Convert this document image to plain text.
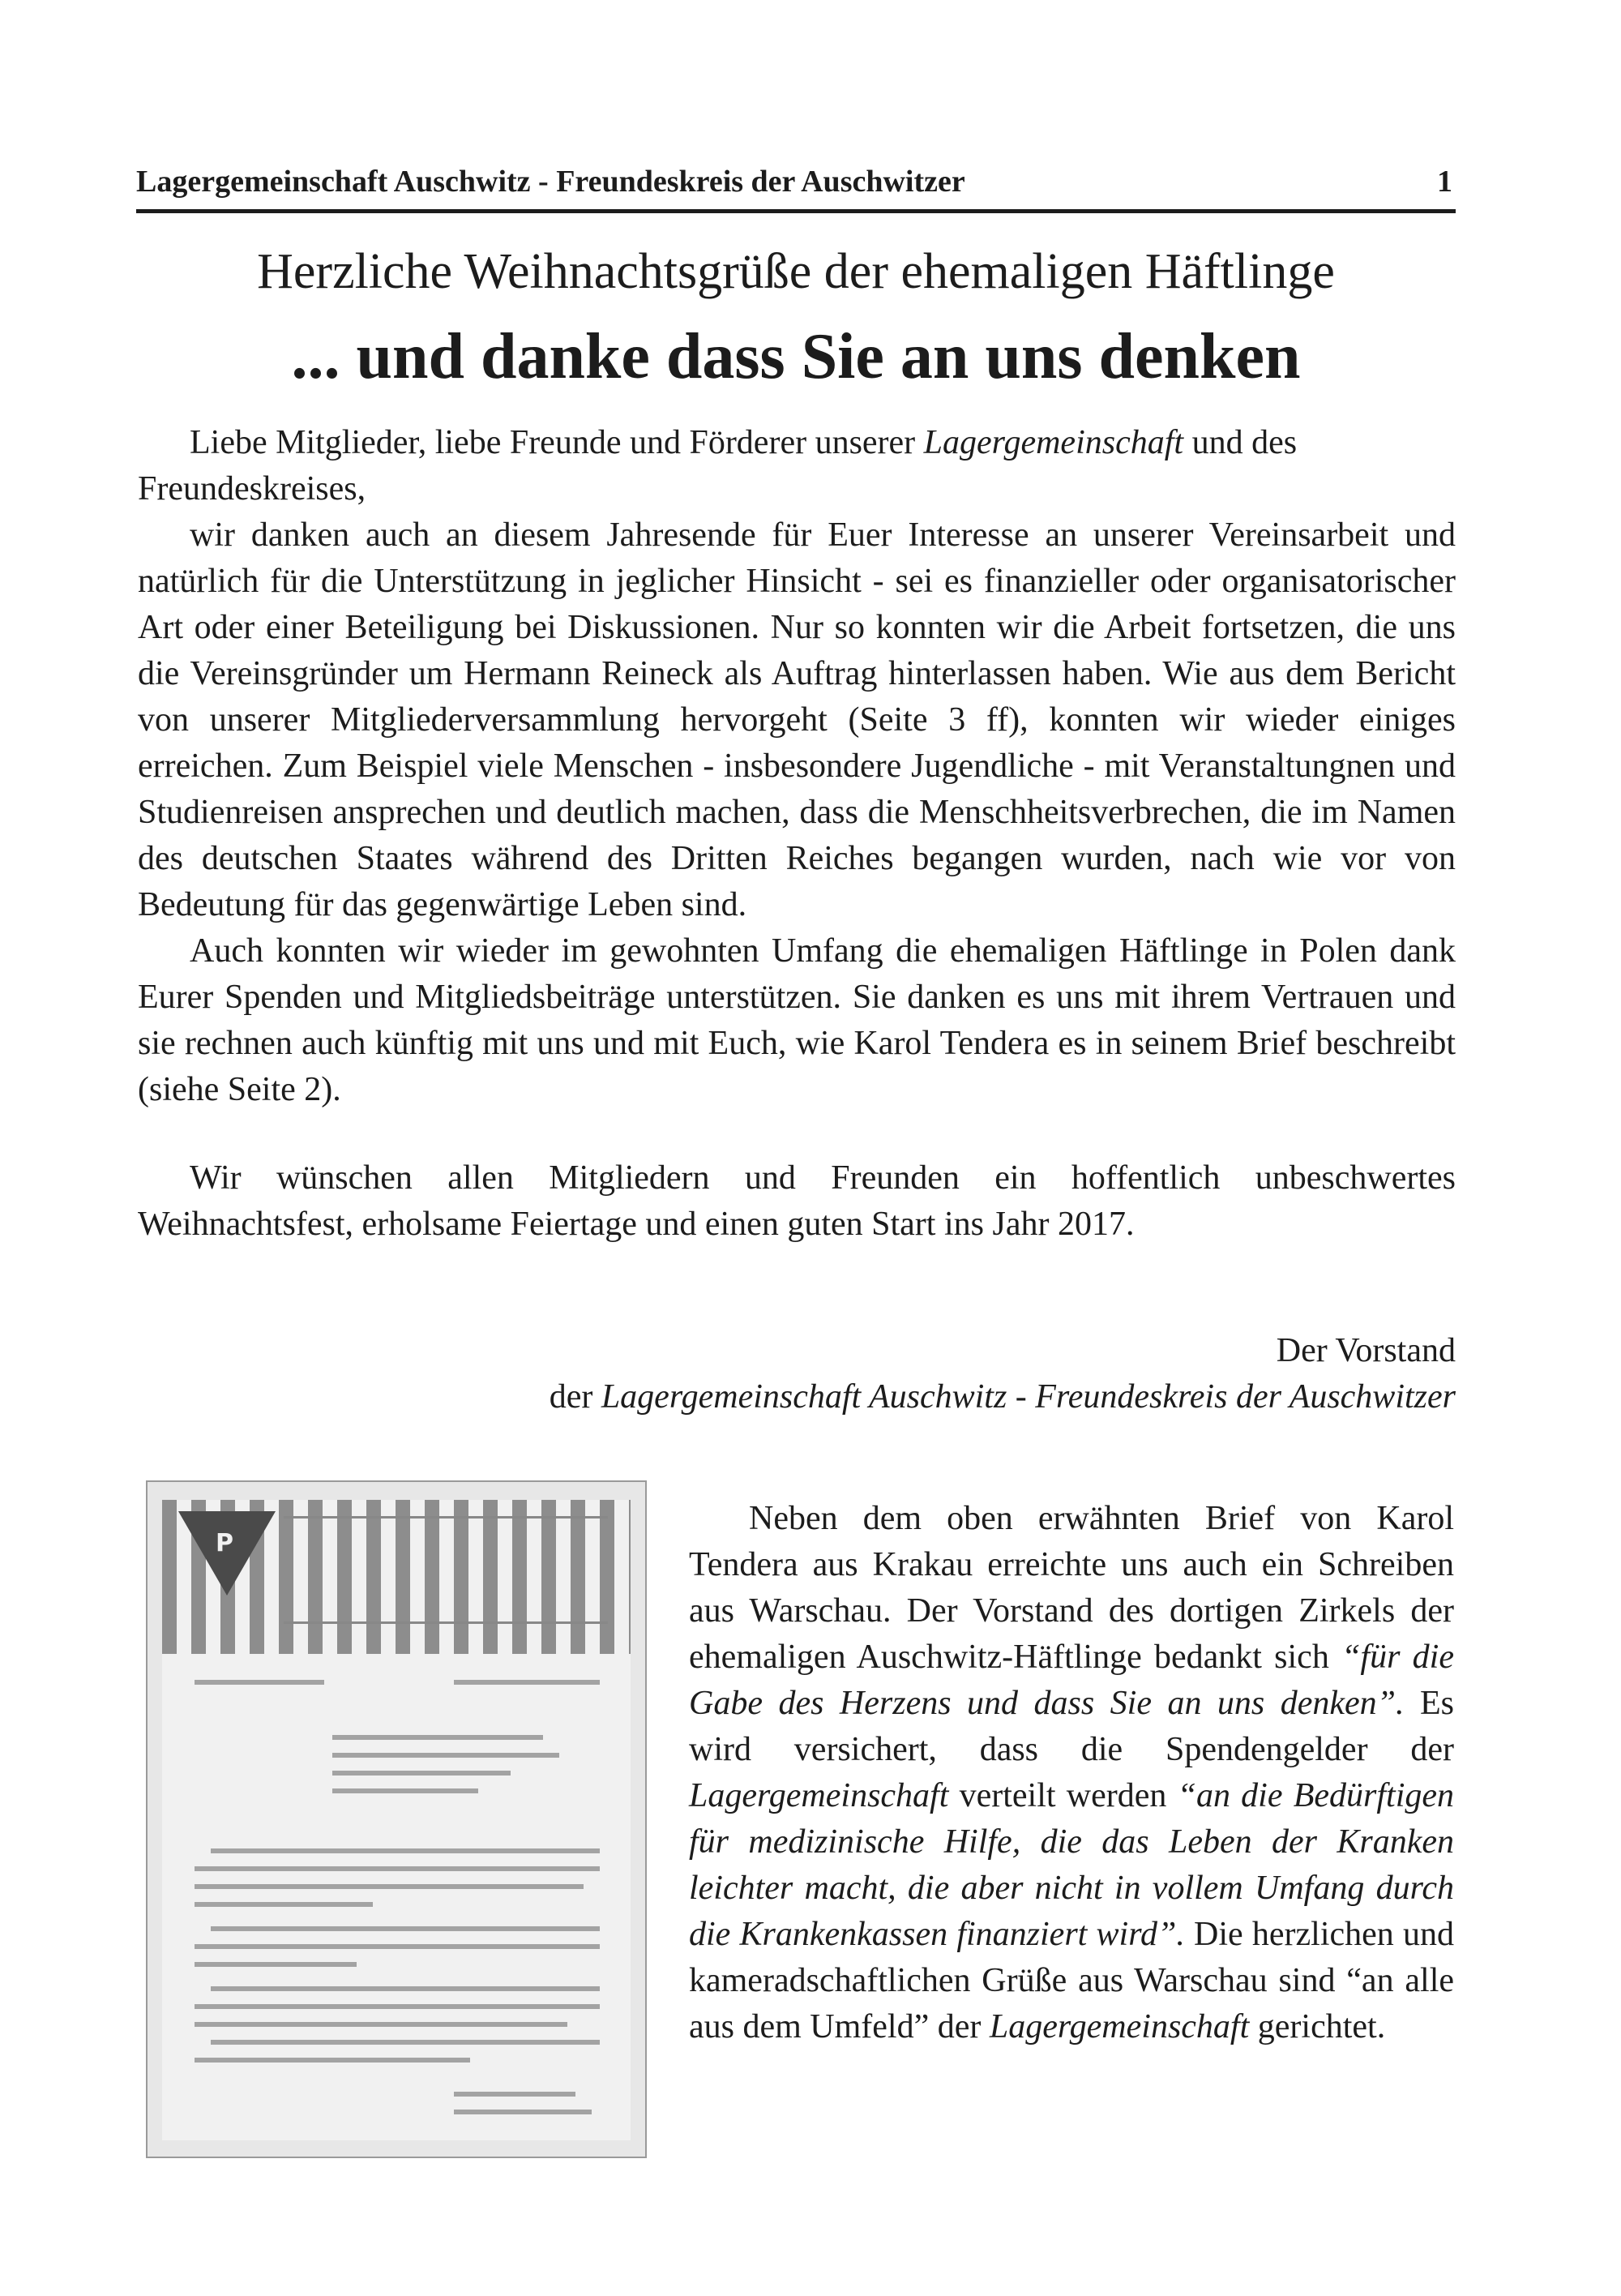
Lagergemeinschaft Auschwitz - Freundeskreis der Auschwitzer	1
Herzliche Weihnachtsgrüße der ehemaligen Häftlinge
... und danke dass Sie an uns denken

Liebe Mitglieder, liebe Freunde und Förderer unserer Lagergemeinschaft und des Freundeskreises,

wir danken auch an diesem Jahresende für Euer Interesse an unserer Vereinsarbeit und natürlich für die Unterstützung in jeglicher Hinsicht - sei es finanzieller oder organisatorischer Art oder einer Beteiligung bei Diskussionen. Nur so konnten wir die Arbeit fortsetzen, die uns die Vereinsgründer um Hermann Reineck als Auftrag hinterlassen haben. Wie aus dem Bericht von unserer Mitgliederversammlung hervorgeht (Seite 3 ff), konnten wir wieder einiges erreichen. Zum Beispiel viele Menschen - insbesondere Jugendliche - mit Veranstaltungnen und Studienreisen ansprechen und deutlich machen, dass die Menschheitsverbrechen, die im Namen des deutschen Staates während des Dritten Reiches begangen wurden, nach wie vor von Bedeutung für das gegenwärtige Leben sind.

Auch konnten wir wieder im gewohnten Umfang die ehemaligen Häftlinge in Polen dank Eurer Spenden und Mitgliedsbeiträge unterstützen. Sie danken es uns mit ihrem Vertrauen und sie rechnen auch künftig mit uns und mit Euch, wie Karol Tendera es in seinem Brief beschreibt (siehe Seite 2).

Wir wünschen allen Mitgliedern und Freunden ein hoffentlich unbeschwertes Weihnachtsfest, erholsame Feiertage und einen guten Start ins Jahr 2017.

Der Vorstand
der Lagergemeinschaft Auschwitz - Freundeskreis der Auschwitzer
P

Neben dem oben erwähnten Brief von Karol Tendera aus Krakau erreichte uns auch ein Schreiben aus Warschau. Der Vorstand des dortigen Zirkels der ehemaligen Auschwitz-Häftlinge bedankt sich “für die Gabe des Herzens und dass Sie an uns denken”. Es wird versichert, dass die Spendengelder der Lagergemeinschaft verteilt werden “an die Bedürftigen für medizinische Hilfe, die das Leben der Kranken leichter macht, die aber nicht in vollem Umfang durch die Krankenkassen finanziert wird”. Die herzlichen und kameradschaftlichen Grüße aus Warschau sind “an alle aus dem Umfeld” der Lagergemeinschaft gerichtet.
